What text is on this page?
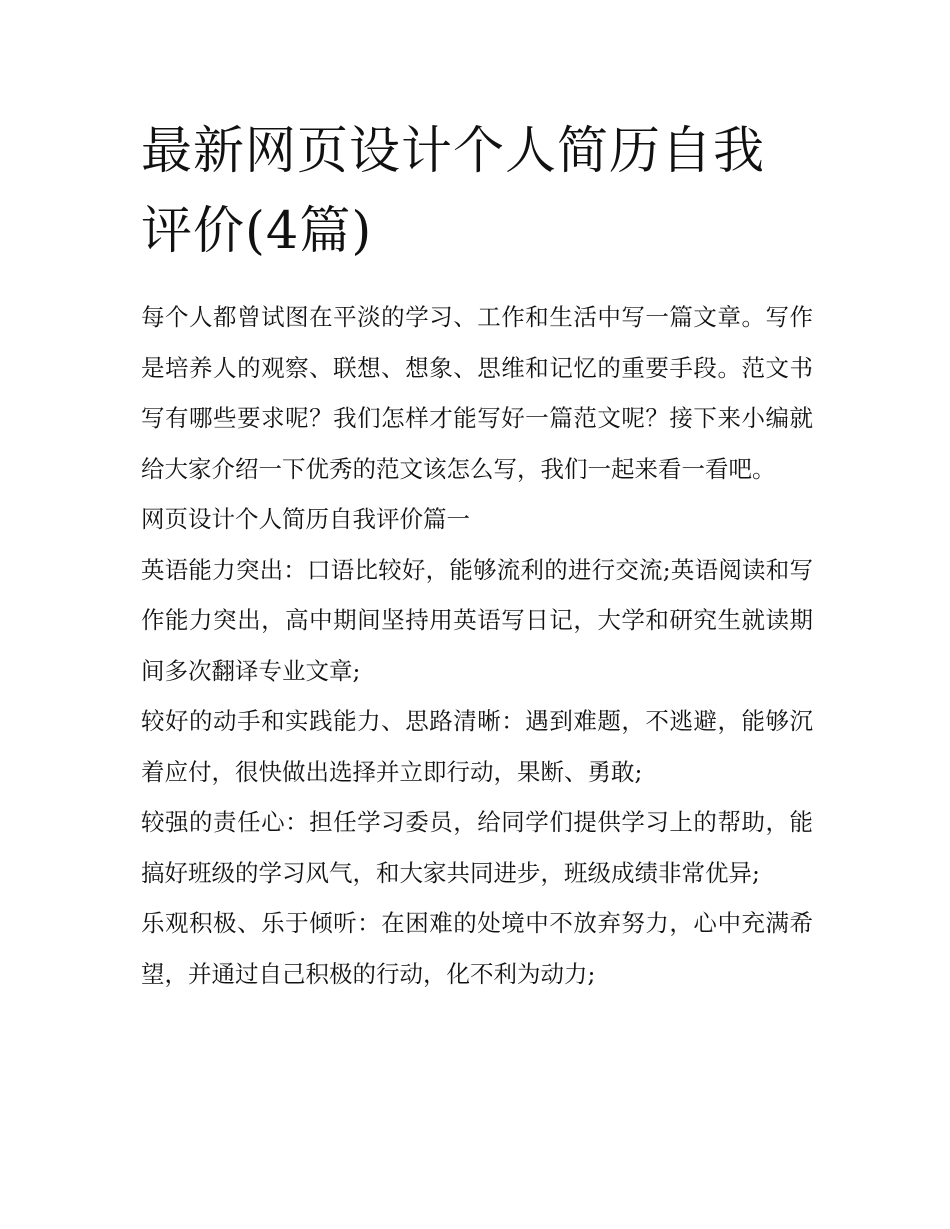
最新网页设计个人简历自我评价(4篇)

每个人都曾试图在平淡的学习、工作和生活中写一篇文章。写作是培养人的观察、联想、想象、思维和记忆的重要手段。范文书写有哪些要求呢？我们怎样才能写好一篇范文呢？接下来小编就给大家介绍一下优秀的范文该怎么写，我们一起来看一看吧。

网页设计个人简历自我评价篇一

英语能力突出：口语比较好，能够流利的进行交流;英语阅读和写作能力突出，高中期间坚持用英语写日记，大学和研究生就读期间多次翻译专业文章;

较好的动手和实践能力、思路清晰：遇到难题，不逃避，能够沉着应付，很快做出选择并立即行动，果断、勇敢;

较强的责任心：担任学习委员，给同学们提供学习上的帮助，能搞好班级的学习风气，和大家共同进步，班级成绩非常优异;

乐观积极、乐于倾听：在困难的处境中不放弃努力，心中充满希望，并通过自己积极的行动，化不利为动力;
